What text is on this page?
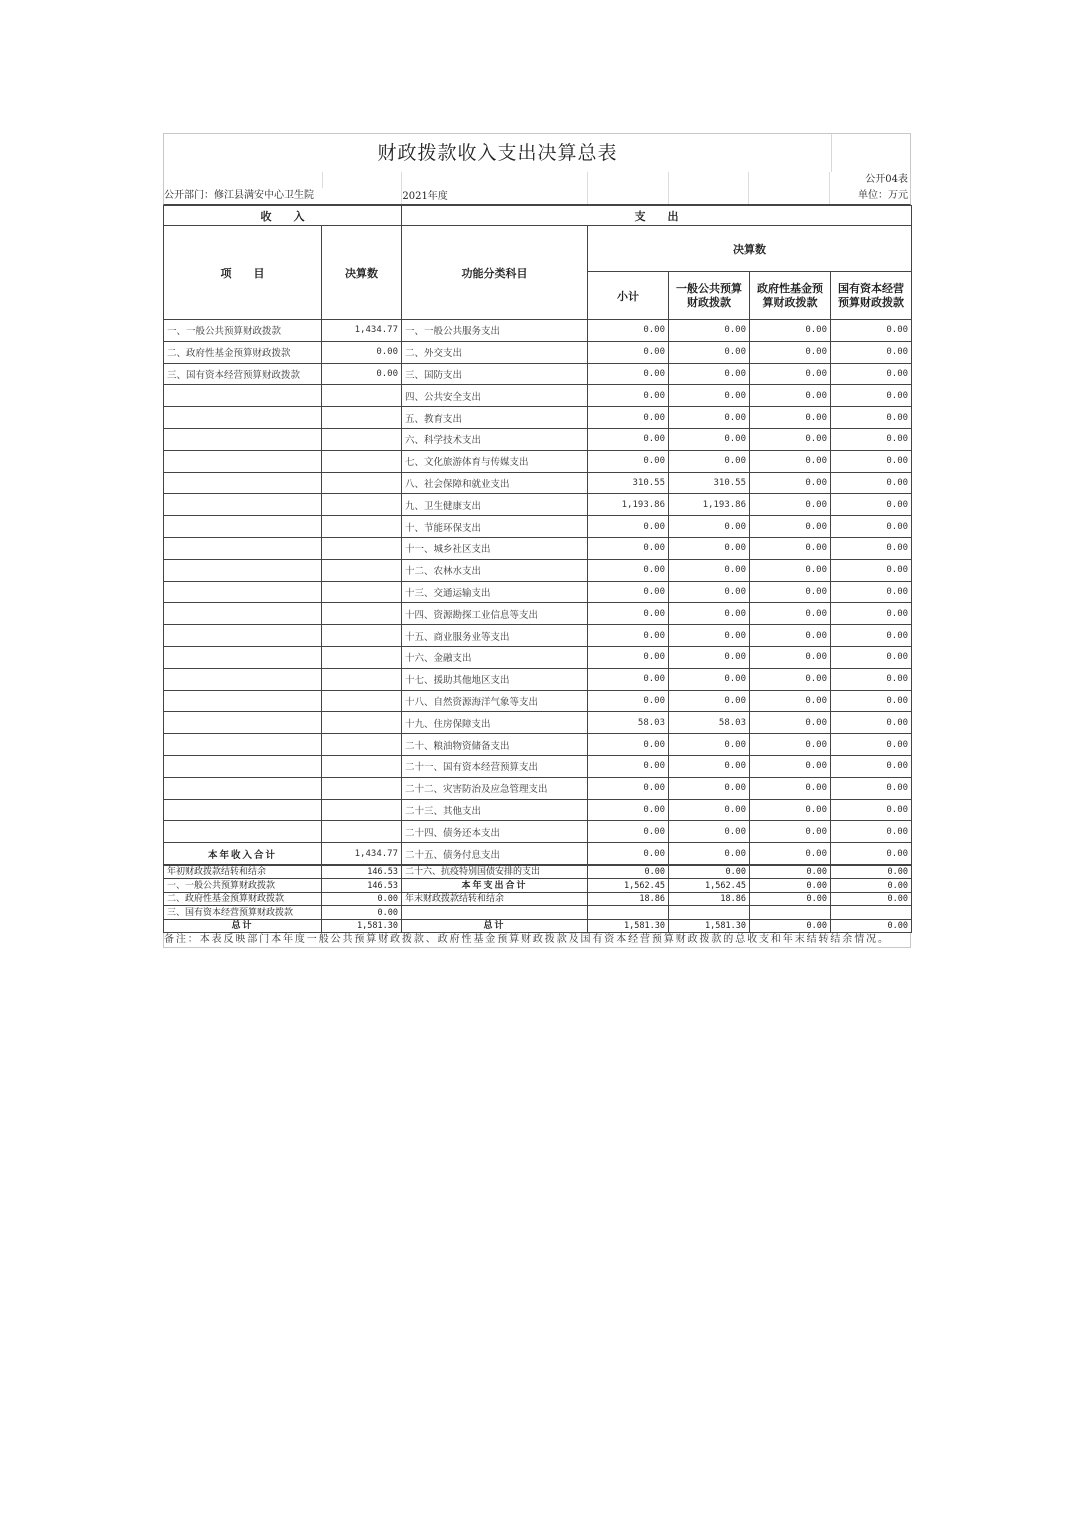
财政拨款收入支出决算总表
公开04表
公开部门：修江县满安中心卫生院	2021年度	单位：万元
收　　入		支　　出				
项　　目	决算数	功能分类科目	决算数			
			小计	一般公共预算财政拨款	政府性基金预算财政拨款	国有资本经营预算财政拨款
一、一般公共预算财政拨款	1,434.77	一、一般公共服务支出	0.00	0.00	0.00	0.00
二、政府性基金预算财政拨款	0.00	二、外交支出	0.00	0.00	0.00	0.00
三、国有资本经营预算财政拨款	0.00	三、国防支出	0.00	0.00	0.00	0.00
		四、公共安全支出	0.00	0.00	0.00	0.00
		五、教育支出	0.00	0.00	0.00	0.00
		六、科学技术支出	0.00	0.00	0.00	0.00
		七、文化旅游体育与传媒支出	0.00	0.00	0.00	0.00
		八、社会保障和就业支出	310.55	310.55	0.00	0.00
		九、卫生健康支出	1,193.86	1,193.86	0.00	0.00
		十、节能环保支出	0.00	0.00	0.00	0.00
		十一、城乡社区支出	0.00	0.00	0.00	0.00
		十二、农林水支出	0.00	0.00	0.00	0.00
		十三、交通运输支出	0.00	0.00	0.00	0.00
		十四、资源勘探工业信息等支出	0.00	0.00	0.00	0.00
		十五、商业服务业等支出	0.00	0.00	0.00	0.00
		十六、金融支出	0.00	0.00	0.00	0.00
		十七、援助其他地区支出	0.00	0.00	0.00	0.00
		十八、自然资源海洋气象等支出	0.00	0.00	0.00	0.00
		十九、住房保障支出	58.03	58.03	0.00	0.00
		二十、粮油物资储备支出	0.00	0.00	0.00	0.00
		二十一、国有资本经营预算支出	0.00	0.00	0.00	0.00
		二十二、灾害防治及应急管理支出	0.00	0.00	0.00	0.00
		二十三、其他支出	0.00	0.00	0.00	0.00
		二十四、债务还本支出	0.00	0.00	0.00	0.00
本年收入合计	1,434.77	二十五、债务付息支出	0.00	0.00	0.00	0.00
年初财政拨款结转和结余	146.53	二十六、抗疫特别国债安排的支出	0.00	0.00	0.00	0.00
一、一般公共预算财政拨款	146.53	本年支出合计	1,562.45	1,562.45	0.00	0.00
二、政府性基金预算财政拨款	0.00	年末财政拨款结转和结余	18.86	18.86	0.00	0.00
三、国有资本经营预算财政拨款	0.00					
总计	1,581.30	总计	1,581.30	1,581.30	0.00	0.00
备注：本表反映部门本年度一般公共预算财政拨款、政府性基金预算财政拨款及国有资本经营预算财政拨款的总收支和年末结转结余情况。
